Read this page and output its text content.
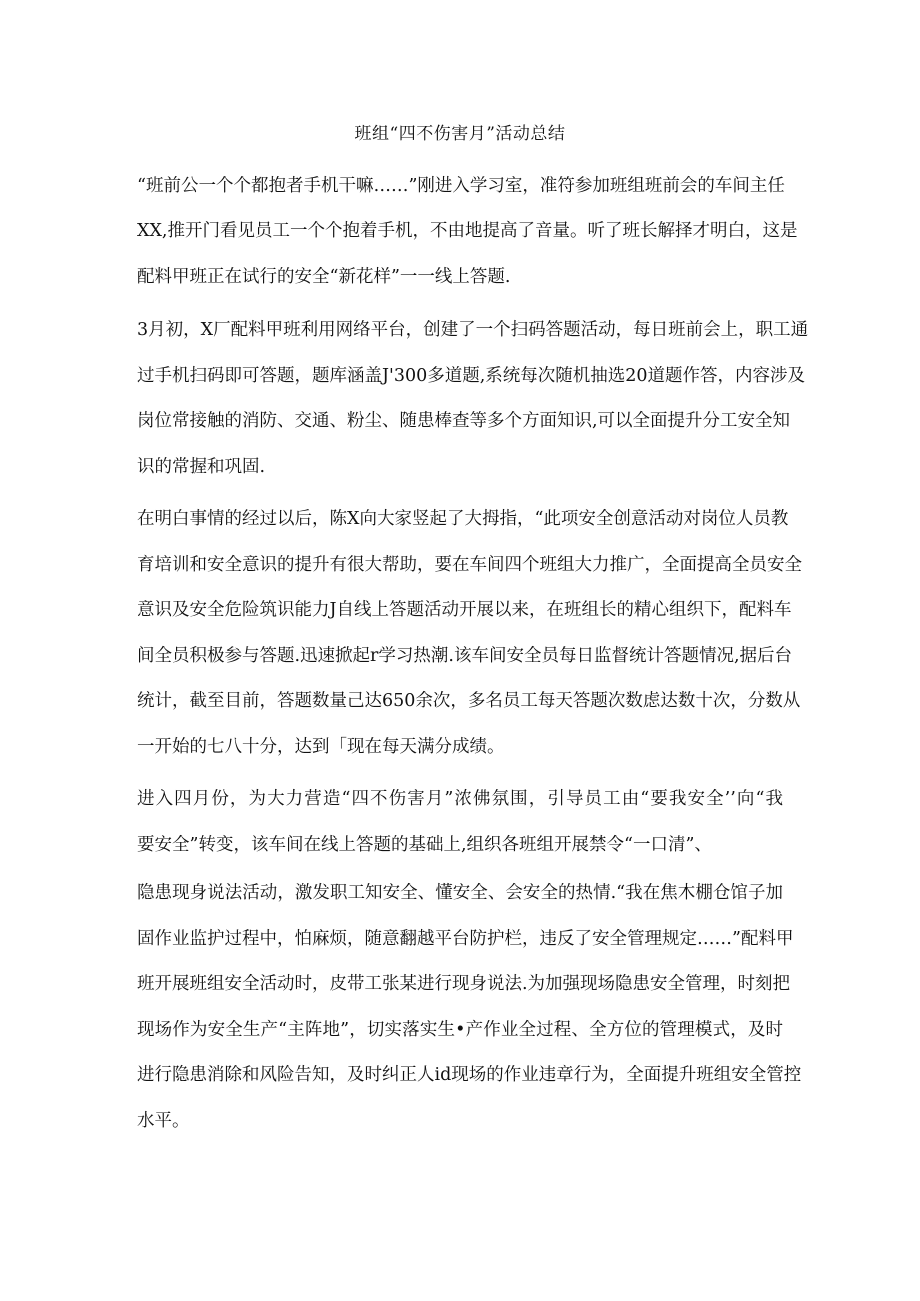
班组“四不伤害月”活动总结
“班前公一个个都抱者手机干嘛……”刚进入学习室，准符参加班组班前会的车间主任
XX,推开门看见员工一个个抱着手机，不由地提高了音量。听了班长解择才明白，这是
配料甲班正在试行的安全“新花样”一一线上答题.
3月初，X厂配料甲班利用网络平台，创建了一个扫码答题活动，每日班前会上，职工通
过手机扫码即可答题，题库涵盖J'300多道题,系统每次随机抽选20道题作答，内容涉及
岗位常接触的消防、交通、粉尘、随患棒查等多个方面知识,可以全面提升分工安全知
识的常握和巩固.
在明白事情的经过以后，陈X向大家竖起了大拇指，“此项安全创意活动对岗位人员教
育培训和安全意识的提升有很大帮助，要在车间四个班组大力推广，全面提高全员安全
意识及安全危险筑识能力J自线上答题活动开展以来，在班组长的精心组织下，配料车
间全员积极参与答题.迅速掀起r学习热潮.该车间安全员每日监督统计答题情况,据后台
统计，截至目前，答题数量己达650余次，多名员工每天答题次数虑达数十次，分数从
一开始的七八十分，达到「现在每天满分成绩。
进入四月份，为大力营造“四不伤害月”浓佛氛围，引导员工由“要我安全’’向“我
要安全”转变，该车间在线上答题的基础上,组织各班组开展禁令“一口清”、
隐患现身说法活动，激发职工知安全、懂安全、会安全的热情.“我在焦木棚仓馆子加
固作业监护过程中，怕麻烦，随意翻越平台防护栏，违反了安全管理规定……”配料甲
班开展班组安全活动时，皮带工张某进行现身说法.为加强现场隐患安全管理，时刻把
现场作为安全生产“主阵地”，切实落实生•产作业全过程、全方位的管理模式，及时
进行隐患消除和风险告知，及时纠正人id现场的作业违章行为，全面提升班组安全管控
水平。
